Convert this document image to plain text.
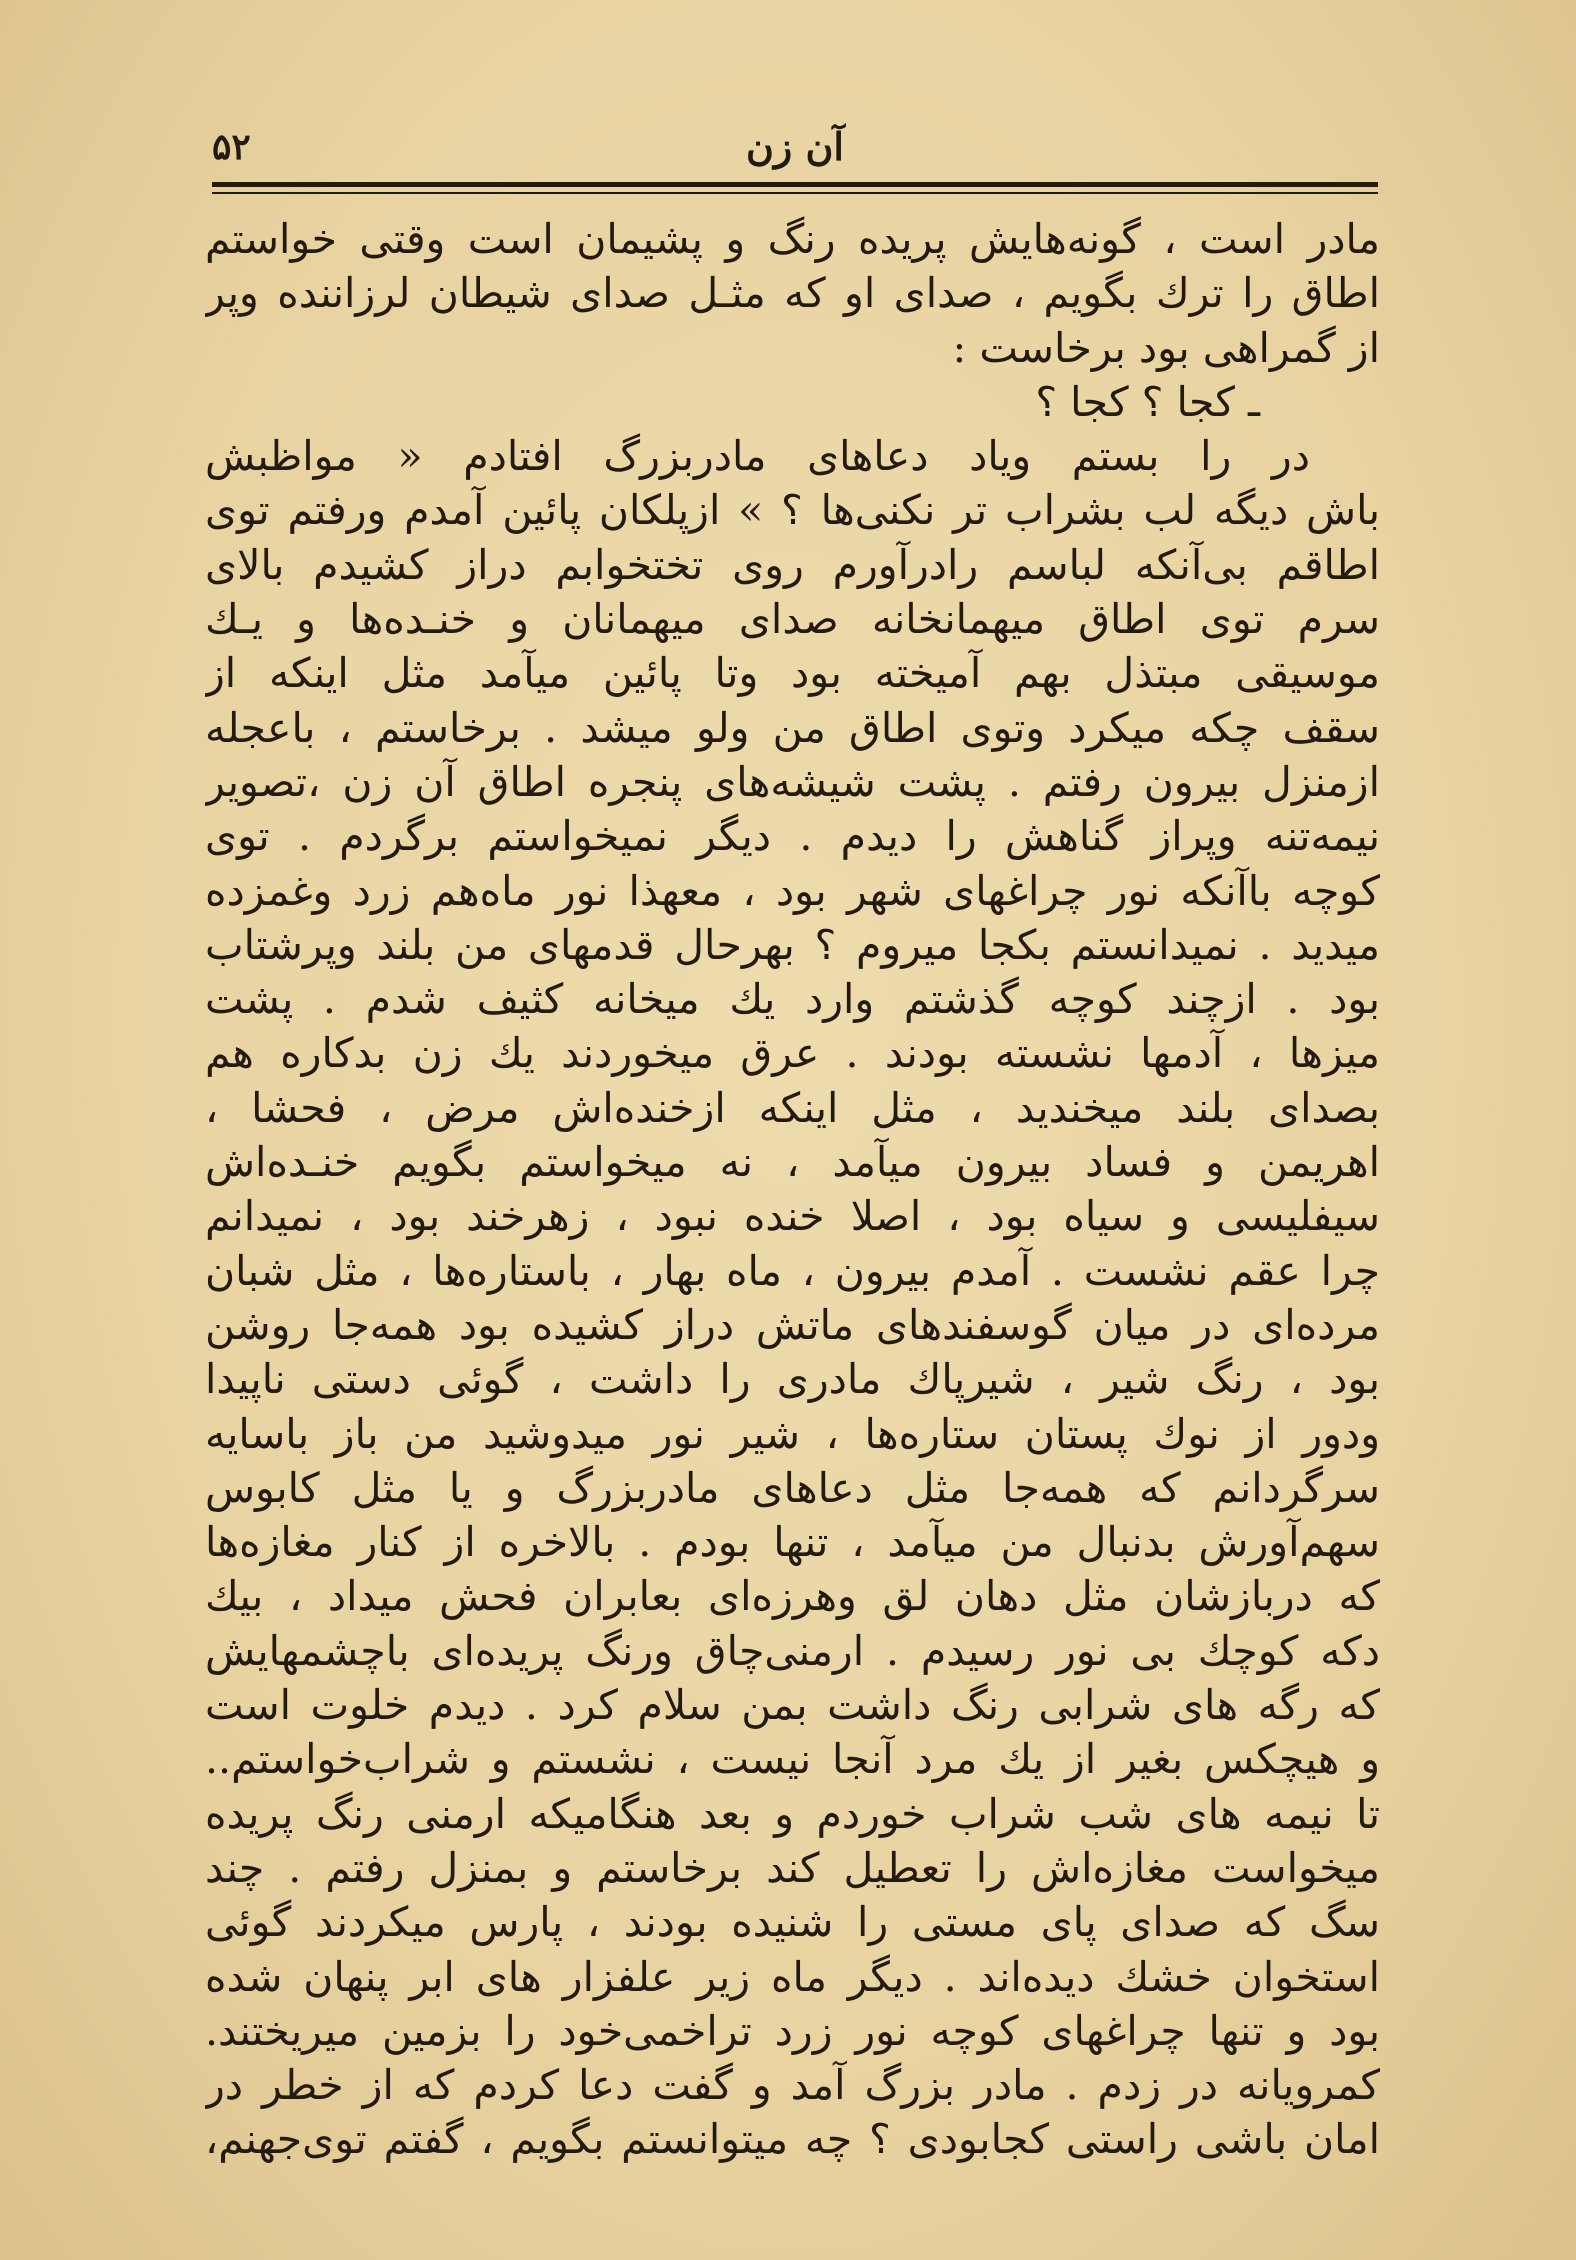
۵۲	آن زن
مادر است ، گونه‌هایش پریده رنگ و پشیمان است وقتی خواستم
اطاق را ترك بگویم ، صدای او که مثـل صدای شیطان لرزاننده وپر
از گمراهی بود برخاست :
ـ کجا ؟ کجا ؟
در را بستم ویاد دعاهای مادربزرگ افتادم « مواظبش
باش دیگه لب بشراب تر نکنی‌ها ؟ » ازپلکان پائین آمدم ورفتم توی
اطاقم بی‌آنکه لباسم رادرآورم روی تختخوابم دراز کشیدم بالای
سرم توی اطاق میهمانخانه صدای میهمانان و خنـده‌ها و یـك
موسیقی مبتذل بهم آمیخته بود وتا پائین میآمد مثل اینکه از
سقف چکه میکرد وتوی اطاق من ولو میشد . برخاستم ، باعجله
ازمنزل بیرون رفتم . پشت شیشه‌های پنجره اطاق آن زن ،تصویر
نیمه‌تنه وپراز گناهش را دیدم . دیگر نمیخواستم برگردم . توی
کوچه باآنکه نور چراغهای شهر بود ، معهذا نور ماه‌هم زرد وغمزده
میدید . نمیدانستم بکجا میروم ؟ بهرحال قدمهای من بلند وپرشتاب
بود . ازچند کوچه گذشتم وارد یك میخانه کثیف شدم . پشت
میزها ، آدمها نشسته بودند . عرق میخوردند یك زن بدکاره هم
بصدای بلند میخندید ، مثل اینکه ازخنده‌اش مرض ، فحشا ،
اهریمن و فساد بیرون میآمد ، نه میخواستم بگویم خنـده‌اش
سیفلیسی و سیاه بود ، اصلا خنده نبود ، زهرخند بود ، نمیدانم
چرا عقم نشست . آمدم بیرون ، ماه بهار ، باستاره‌ها ، مثل شبان
مرده‌ای در میان گوسفندهای ماتش دراز کشیده بود همه‌جا روشن
بود ، رنگ شیر ، شیرپاك مادری را داشت ، گوئی دستی ناپیدا
ودور از نوك پستان ستاره‌ها ، شیر نور میدوشید من باز باسایه
سرگردانم که همه‌جا مثل دعاهای مادربزرگ و یا مثل کابوس
سهم‌آورش بدنبال من میآمد ، تنها بودم . بالاخره از کنار مغازه‌ها
که دربازشان مثل دهان لق وهرزه‌ای بعابران فحش میداد ، بیك
دکه کوچك بی نور رسیدم . ارمنی‌چاق ورنگ پریده‌ای باچشمهایش
که رگه های شرابی رنگ داشت بمن سلام کرد . دیدم خلوت است
و هیچکس بغیر از یك مرد آنجا نیست ، نشستم و شراب‌خواستم..
تا نیمه های شب شراب خوردم و بعد هنگامیکه ارمنی رنگ پریده
میخواست مغازه‌اش را تعطیل کند برخاستم و بمنزل رفتم . چند
سگ که صدای پای مستی را شنیده بودند ، پارس میکردند گوئی
استخوان خشك دیده‌اند . دیگر ماه زیر علفزار های ابر پنهان شده
بود و تنها چراغهای کوچه نور زرد تراخمی‌خود را بزمین میریختند.
کمرویانه در زدم . مادر بزرگ آمد و گفت دعا کردم که از خطر در
امان باشی راستی کجابودی ؟ چه میتوانستم بگویم ، گفتم توی‌جهنم،
